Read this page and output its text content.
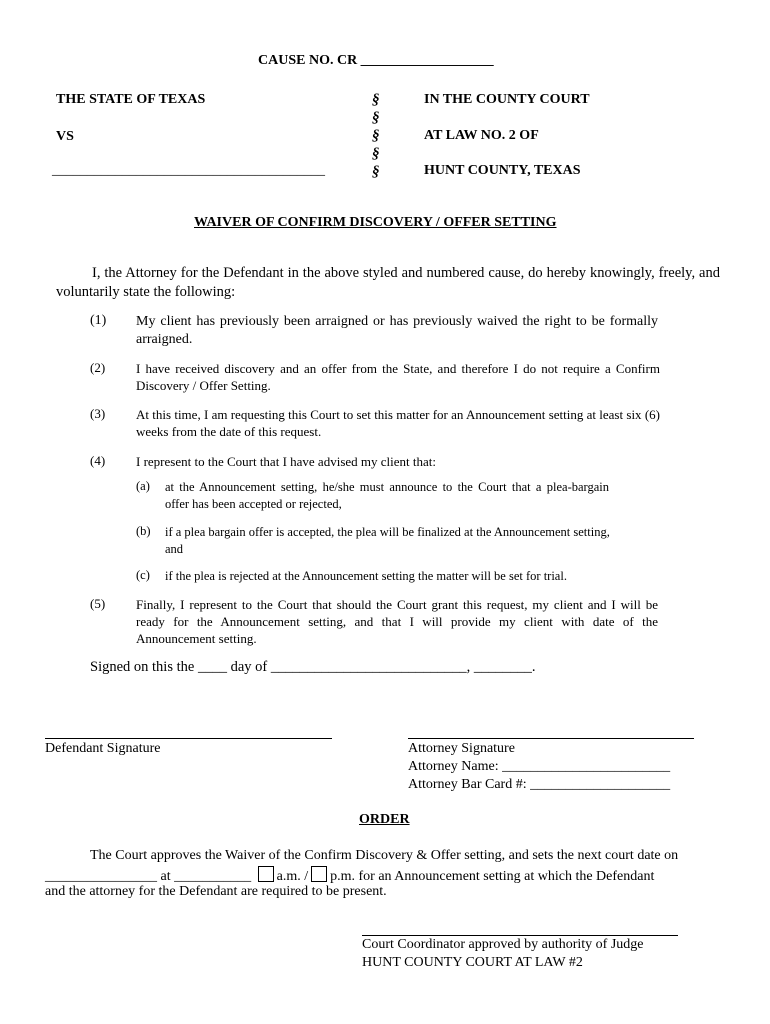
CAUSE NO. CR ___________________
THE STATE OF TEXAS
VS
_______________________________________
§
§
§
§
§
IN THE COUNTY COURT
AT LAW NO. 2 OF
HUNT COUNTY, TEXAS
WAIVER OF CONFIRM DISCOVERY / OFFER SETTING
I, the Attorney for the Defendant in the above styled and numbered cause, do hereby knowingly, freely, and voluntarily state the following:
(1) My client has previously been arraigned or has previously waived the right to be formally arraigned.
(2) I have received discovery and an offer from the State, and therefore I do not require a Confirm Discovery / Offer Setting.
(3) At this time, I am requesting this Court to set this matter for an Announcement setting at least six (6) weeks from the date of this request.
(4) I represent to the Court that I have advised my client that:
(a) at the Announcement setting, he/she must announce to the Court that a plea-bargain offer has been accepted or rejected,
(b) if a plea bargain offer is accepted, the plea will be finalized at the Announcement setting, and
(c) if the plea is rejected at the Announcement setting the matter will be set for trial.
(5) Finally, I represent to the Court that should the Court grant this request, my client and I will be ready for the Announcement setting, and that I will provide my client with date of the Announcement setting.
Signed on this the ____ day of ___________________________, ________.
Defendant Signature	Attorney Signature
Attorney Name: ________________________
Attorney Bar Card #: ____________________
ORDER
The Court approves the Waiver of the Confirm Discovery & Offer setting, and sets the next court date on
________________ at ___________ a.m. / p.m. for an Announcement setting at which the Defendant
and the attorney for the Defendant are required to be present.
Court Coordinator approved by authority of Judge
HUNT COUNTY COURT AT LAW #2
